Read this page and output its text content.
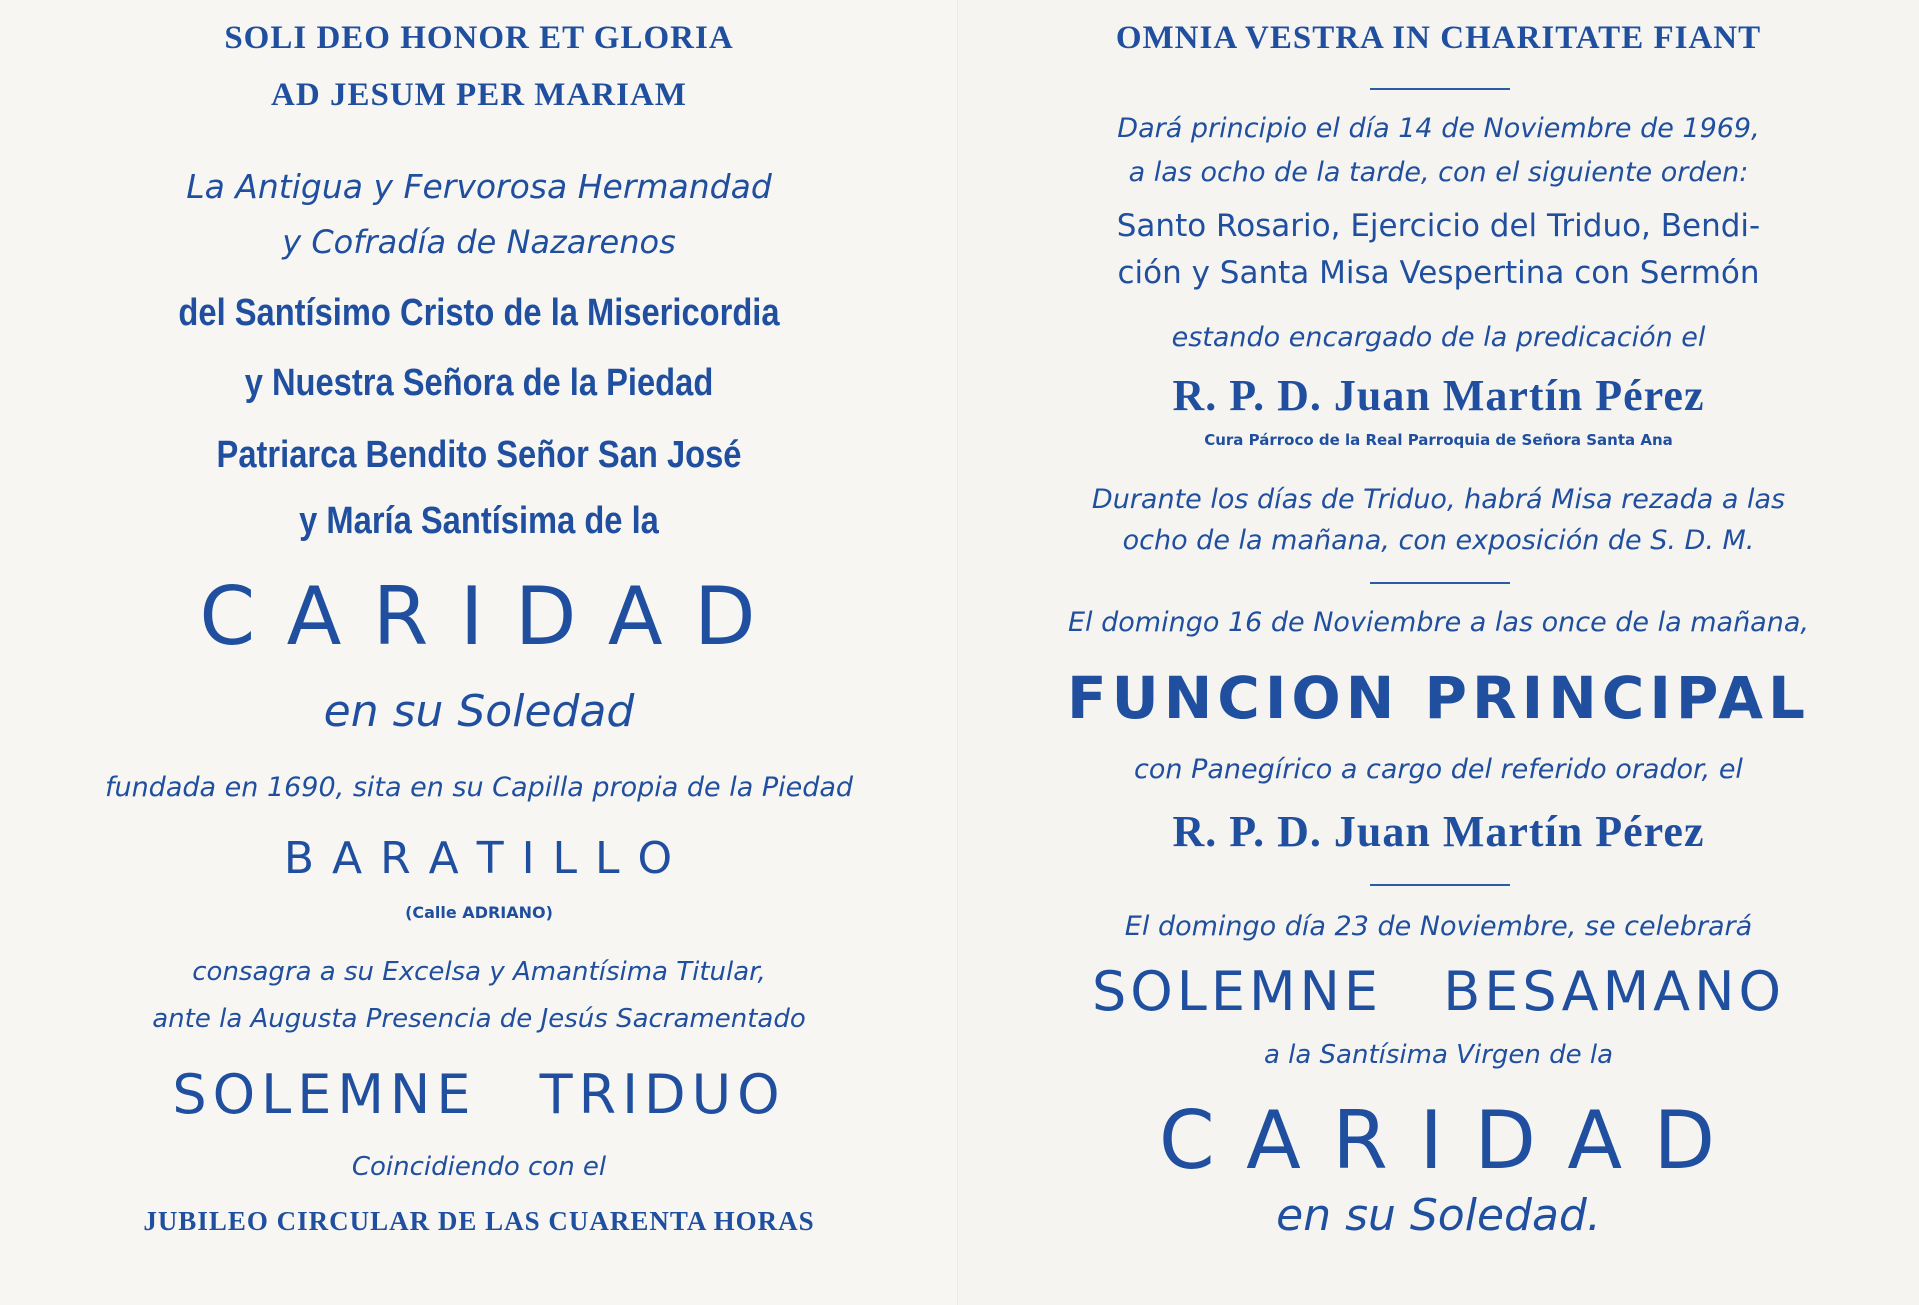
SOLI DEO HONOR ET GLORIA

AD JESUM PER MARIAM

La Antigua y Fervorosa Hermandad

y Cofradía de Nazarenos

del Santísimo Cristo de la Misericordia

y Nuestra Señora de la Piedad

Patriarca Bendito Señor San José

y María Santísima de la

C A R I D A D

en su Soledad

fundada en 1690, sita en su Capilla propia de la Piedad

B A R A T I L L O

(Calle ADRIANO)

consagra a su Excelsa y Amantísima Titular,

ante la Augusta Presencia de Jesús Sacramentado

SOLEMNE TRIDUO

Coincidiendo con el

JUBILEO CIRCULAR DE LAS CUARENTA HORAS

OMNIA VESTRA IN CHARITATE FIANT

Dará principio el día 14 de Noviembre de 1969,

a las ocho de la tarde, con el siguiente orden:

Santo Rosario, Ejercicio del Triduo, Bendi-

ción y Santa Misa Vespertina con Sermón

estando encargado de la predicación el

R. P. D. Juan Martín Pérez

Cura Párroco de la Real Parroquia de Señora Santa Ana

Durante los días de Triduo, habrá Misa rezada a las

ocho de la mañana, con exposición de S. D. M.

El domingo 16 de Noviembre a las once de la mañana,

FUNCION PRINCIPAL

con Panegírico a cargo del referido orador, el

R. P. D. Juan Martín Pérez

El domingo día 23 de Noviembre, se celebrará

SOLEMNE BESAMANO

a la Santísima Virgen de la

C A R I D A D

en su Soledad.
